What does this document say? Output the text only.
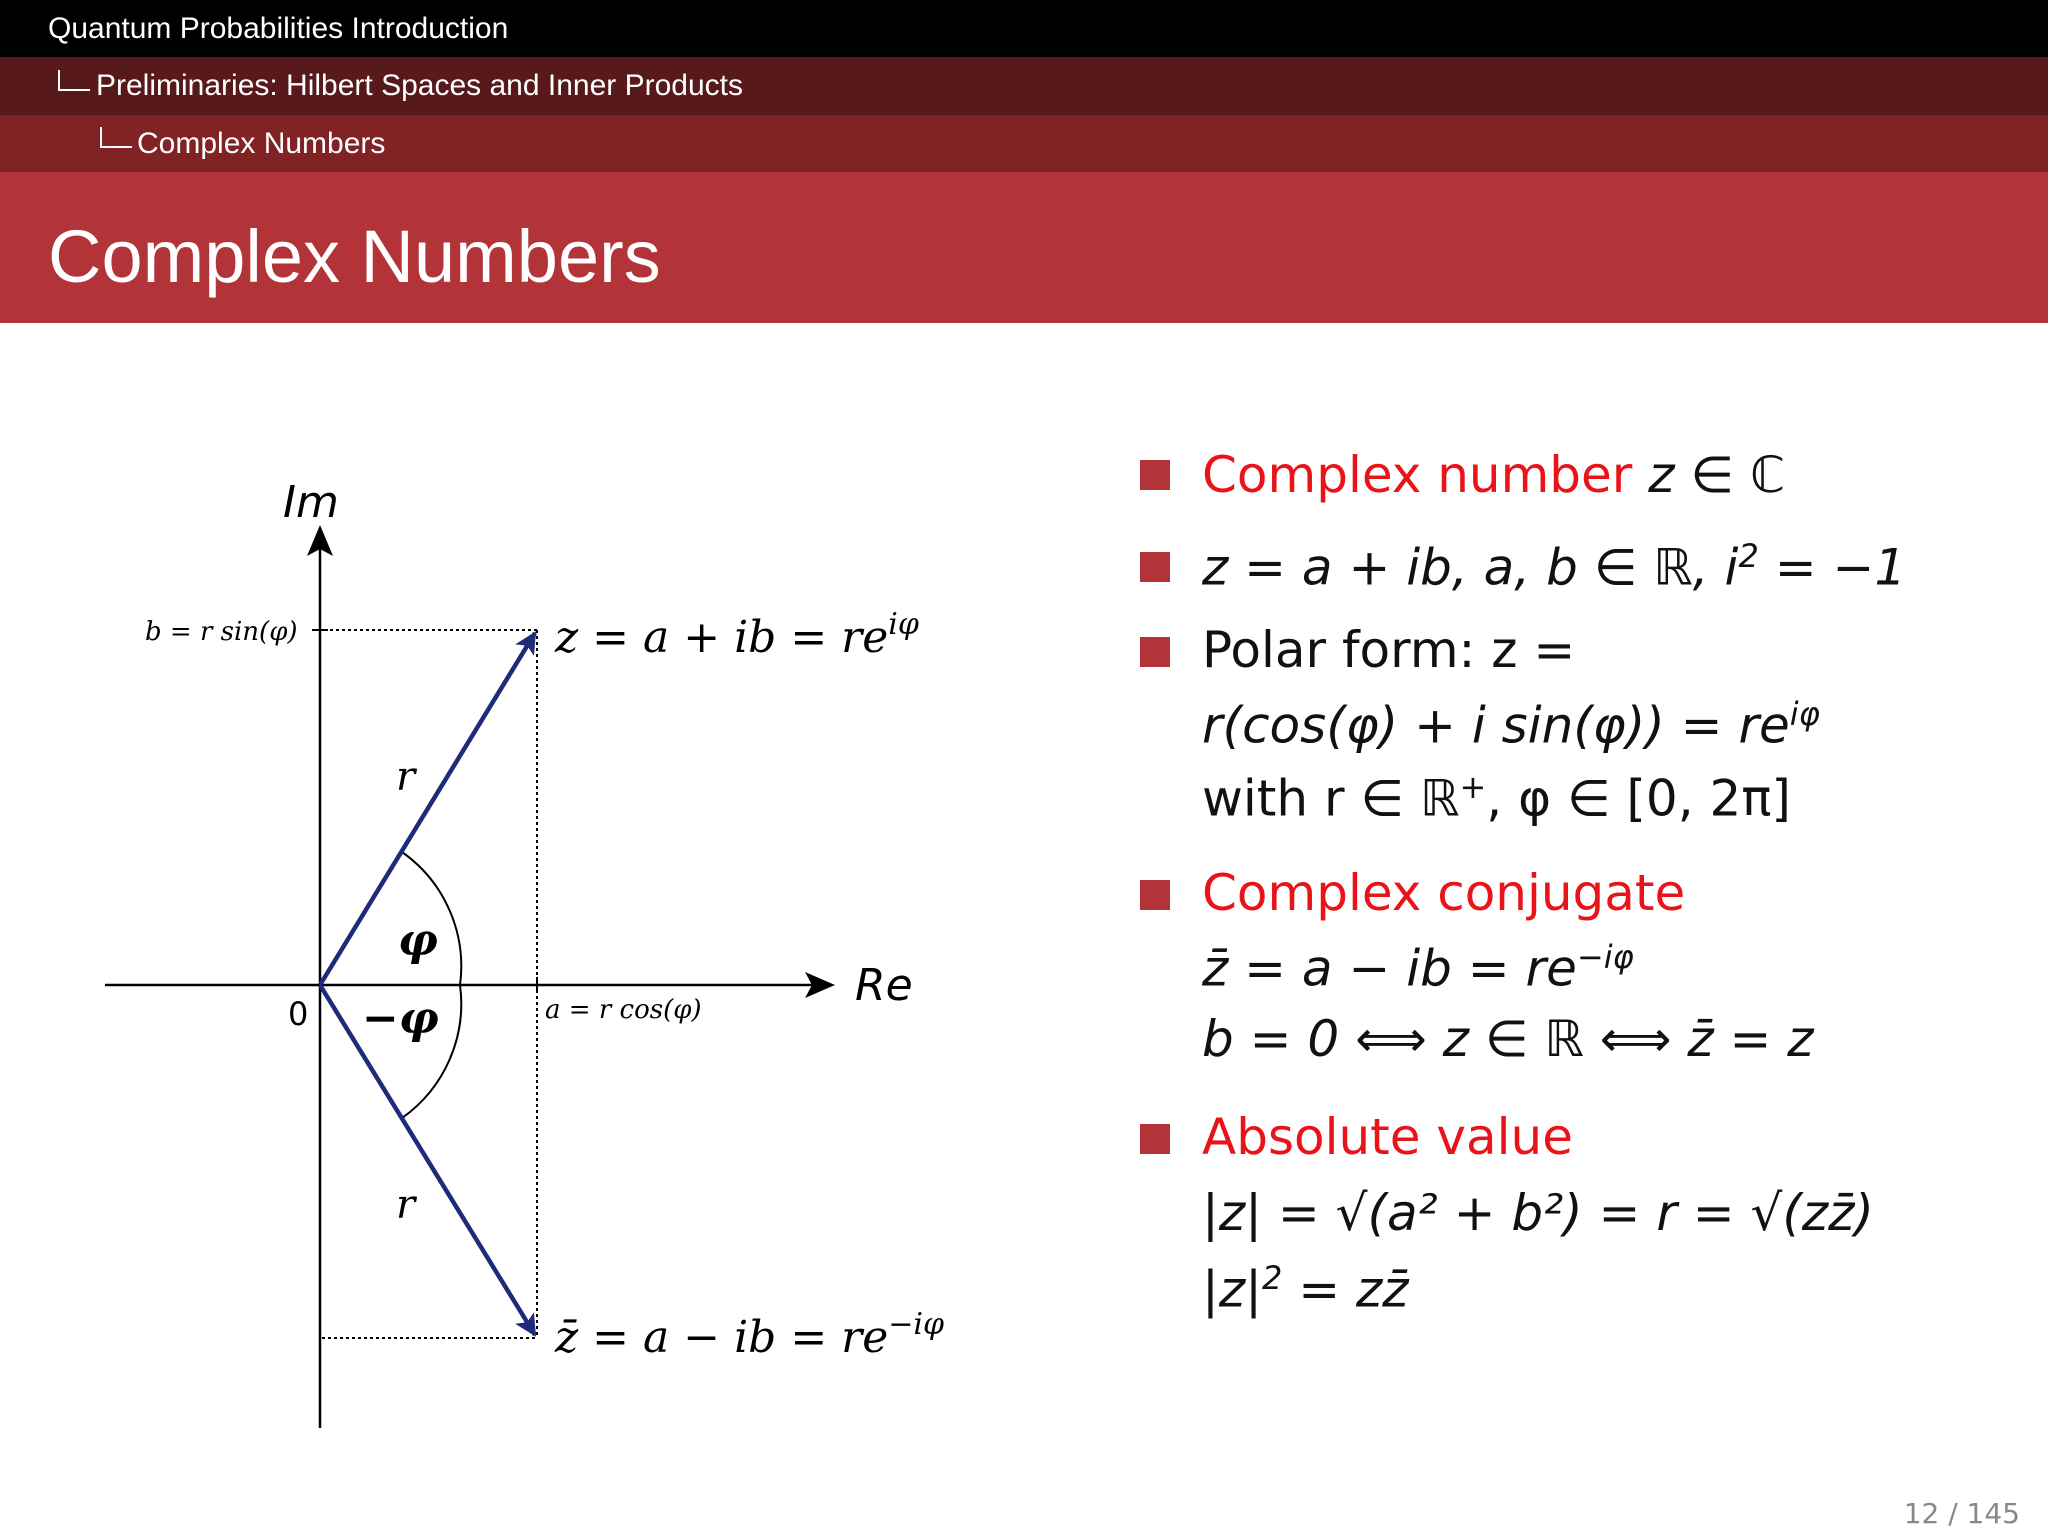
Quantum Probabilities Introduction
Preliminaries: Hilbert Spaces and Inner Products
Complex Numbers
Complex Numbers
Im
Re
0
b = r sin(φ)
a = r cos(φ)
z = a + ib = $re^{i\varphi}$
z̄ = a − ib = $re^{-i\varphi}$
r
r
φ
−φ
Complex number z ∈ ℂ
z = a + ib, a, b ∈ ℝ, $i^2 = -1$
Polar form: z =
r(cos(φ) + i $\sin(\varphi)) = re^{i\varphi}$
with r ∈ ℝ+, φ ∈ [0, 2π]
Complex conjugate
z̄ = a − ib = $re^{-i\varphi}$
b = 0 ⟺ z ∈ ℝ ⟺ z̄ = z
Absolute value
|z| = √(a² + b²) = r = √(zz̄)
$|z|^2$ = zz̄
12 / 145
